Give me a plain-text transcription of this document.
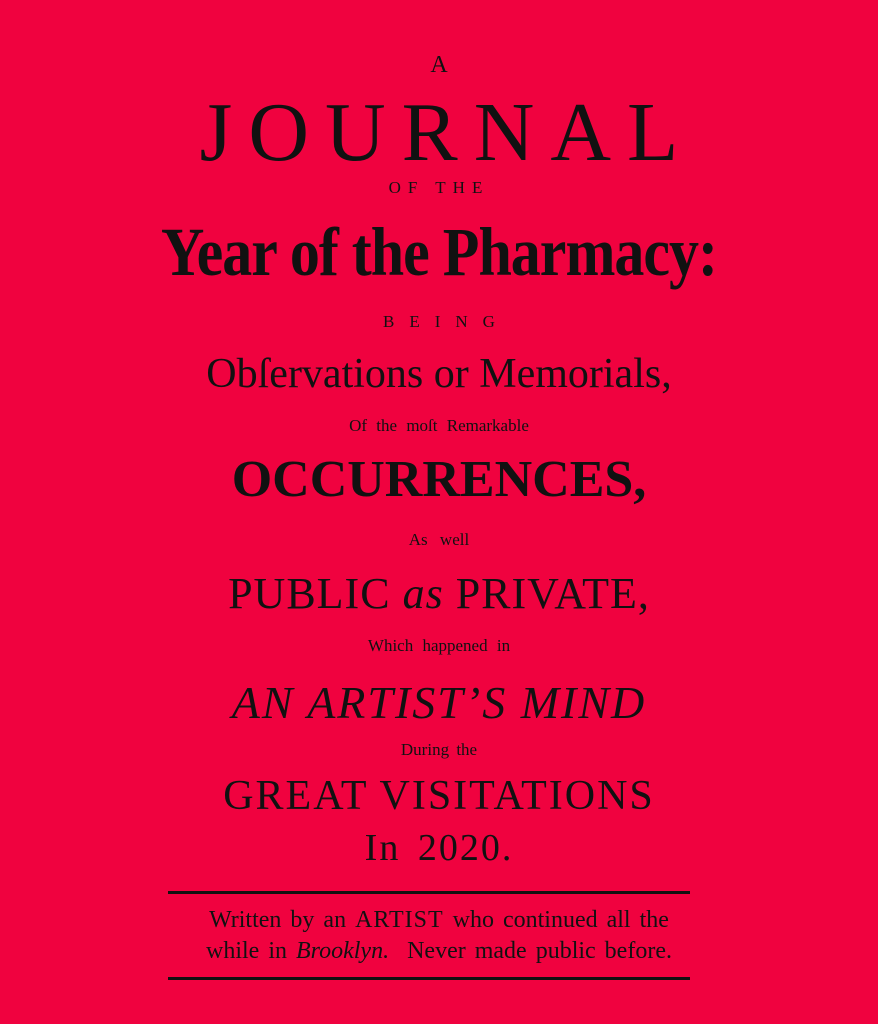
A
JOURNAL
OF THE
Year of the Pharmacy:
BEING
Obſervations or Memorials,
Of the moſt Remarkable
OCCURRENCES,
As well
PUBLIC as PRIVATE,
Which happened in
AN ARTIST’S MIND
During the
GREAT VISITATIONS
In 2020.
Written by an ARTIST who continued all the
while in Brooklyn. Never made public before.
